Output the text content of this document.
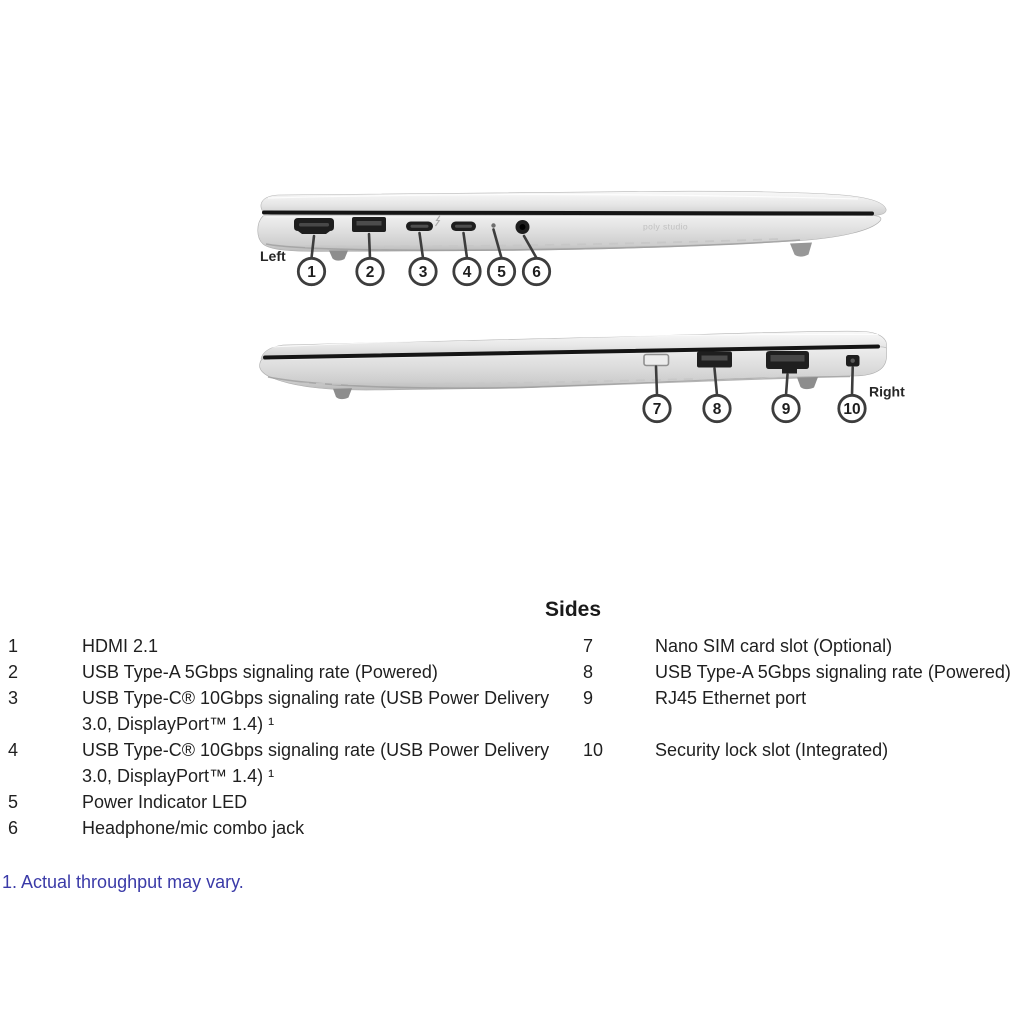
poly studio
1	2	3 4 5 6
Left
7	8	9	10
Right
Sides
1	HDMI 2.1
2	USB Type-A 5Gbps signaling rate (Powered)
3	USB Type-C® 10Gbps signaling rate (USB Power Delivery 3.0, DisplayPort™ 1.4) ¹
4	USB Type-C® 10Gbps signaling rate (USB Power Delivery 3.0, DisplayPort™ 1.4) ¹
5	Power Indicator LED
6	Headphone/mic combo jack
7	Nano SIM card slot (Optional)
8	USB Type-A 5Gbps signaling rate (Powered)
9	RJ45 Ethernet port
10	Security lock slot (Integrated)
1. Actual throughput may vary.
